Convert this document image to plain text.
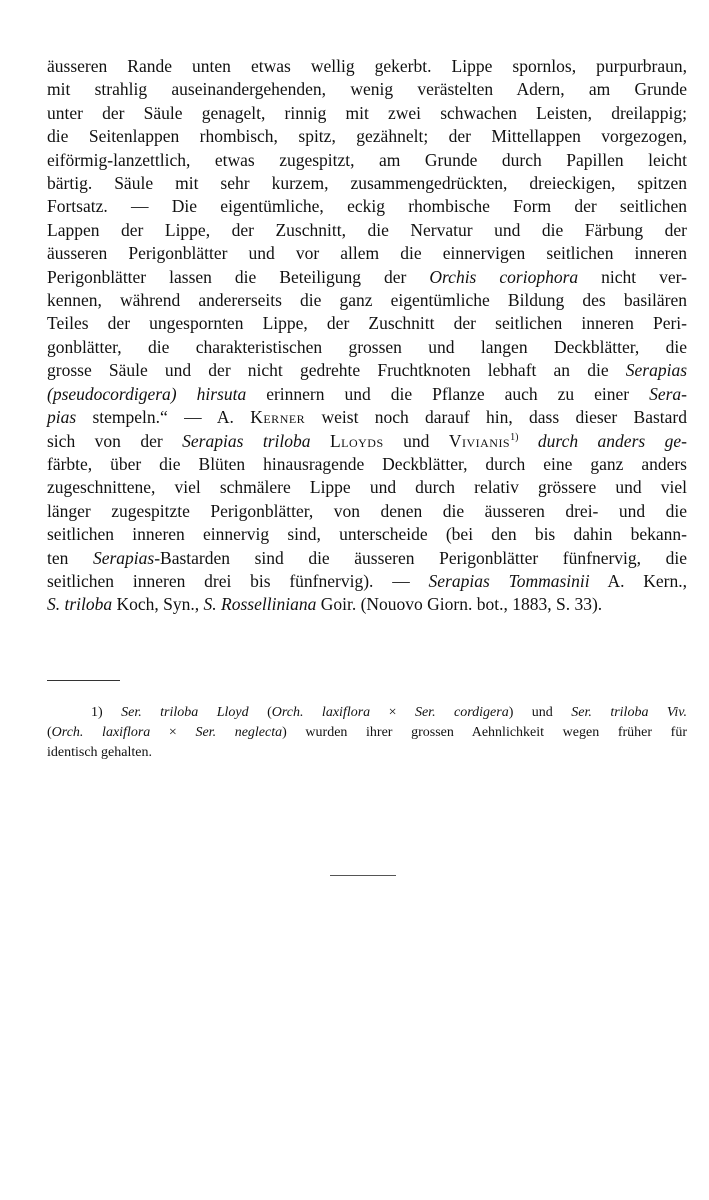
äusseren Rande unten etwas wellig gekerbt. Lippe spornlos, purpurbraun,
mit strahlig auseinandergehenden, wenig verästelten Adern, am Grunde
unter der Säule genagelt, rinnig mit zwei schwachen Leisten, dreilappig;
die Seitenlappen rhombisch, spitz, gezähnelt; der Mittellappen vorgezogen,
eiförmig-lanzettlich, etwas zugespitzt, am Grunde durch Papillen leicht
bärtig. Säule mit sehr kurzem, zusammengedrückten, dreieckigen, spitzen
Fortsatz. — Die eigentümliche, eckig rhombische Form der seitlichen
Lappen der Lippe, der Zuschnitt, die Nervatur und die Färbung der
äusseren Perigonblätter und vor allem die einnervigen seitlichen inneren
Perigonblätter lassen die Beteiligung der Orchis coriophora nicht ver-
kennen, während andererseits die ganz eigentümliche Bildung des basilären
Teiles der ungespornten Lippe, der Zuschnitt der seitlichen inneren Peri-
gonblätter, die charakteristischen grossen und langen Deckblätter, die
grosse Säule und der nicht gedrehte Fruchtknoten lebhaft an die Serapias
(pseudocordigera) hirsuta erinnern und die Pflanze auch zu einer Sera-
pias stempeln.“ — A. Kerner weist noch darauf hin, dass dieser Bastard
sich von der Serapias triloba Lloyds und Vivianis$^{1)}$ durch anders ge-
färbte, über die Blüten hinausragende Deckblätter, durch eine ganz anders
zugeschnittene, viel schmälere Lippe und durch relativ grössere und viel
länger zugespitzte Perigonblätter, von denen die äusseren drei- und die
seitlichen inneren einnervig sind, unterscheide (bei den bis dahin bekann-
ten Serapias-Bastarden sind die äusseren Perigonblätter fünfnervig, die
seitlichen inneren drei bis fünfnervig). — Serapias Tommasinii A. Kern.,
S. triloba Koch, Syn., S. Rosselliniana Goir. (Nouovo Giorn. bot., 1883, S. 33).
1) Ser. triloba Lloyd (Orch. laxiflora × Ser. cordigera) und Ser. triloba Viv.
(Orch. laxiflora × Ser. neglecta) wurden ihrer grossen Aehnlichkeit wegen früher für
identisch gehalten.
